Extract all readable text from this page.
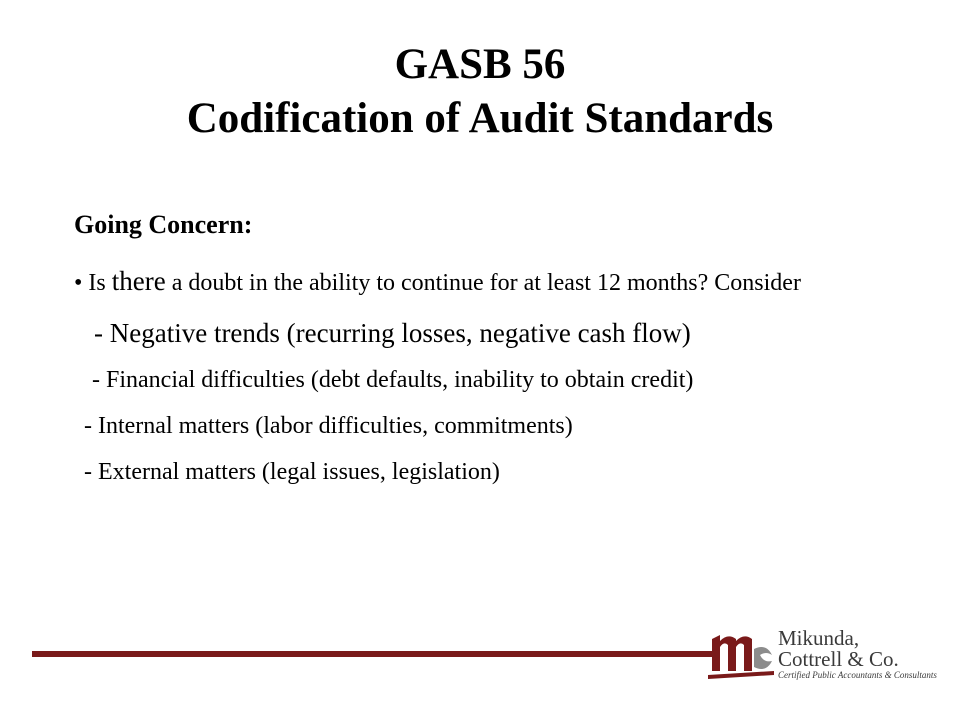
GASB 56
Codification of Audit Standards
Going Concern:
• Is there a doubt in the ability to continue for at least 12 months? Consider
- Negative trends (recurring losses, negative cash flow)
- Financial difficulties (debt defaults, inability to obtain credit)
- Internal matters (labor difficulties, commitments)
- External matters (legal issues, legislation)
Mikunda,
Cottrell & Co.
Certified Public Accountants & Consultants
